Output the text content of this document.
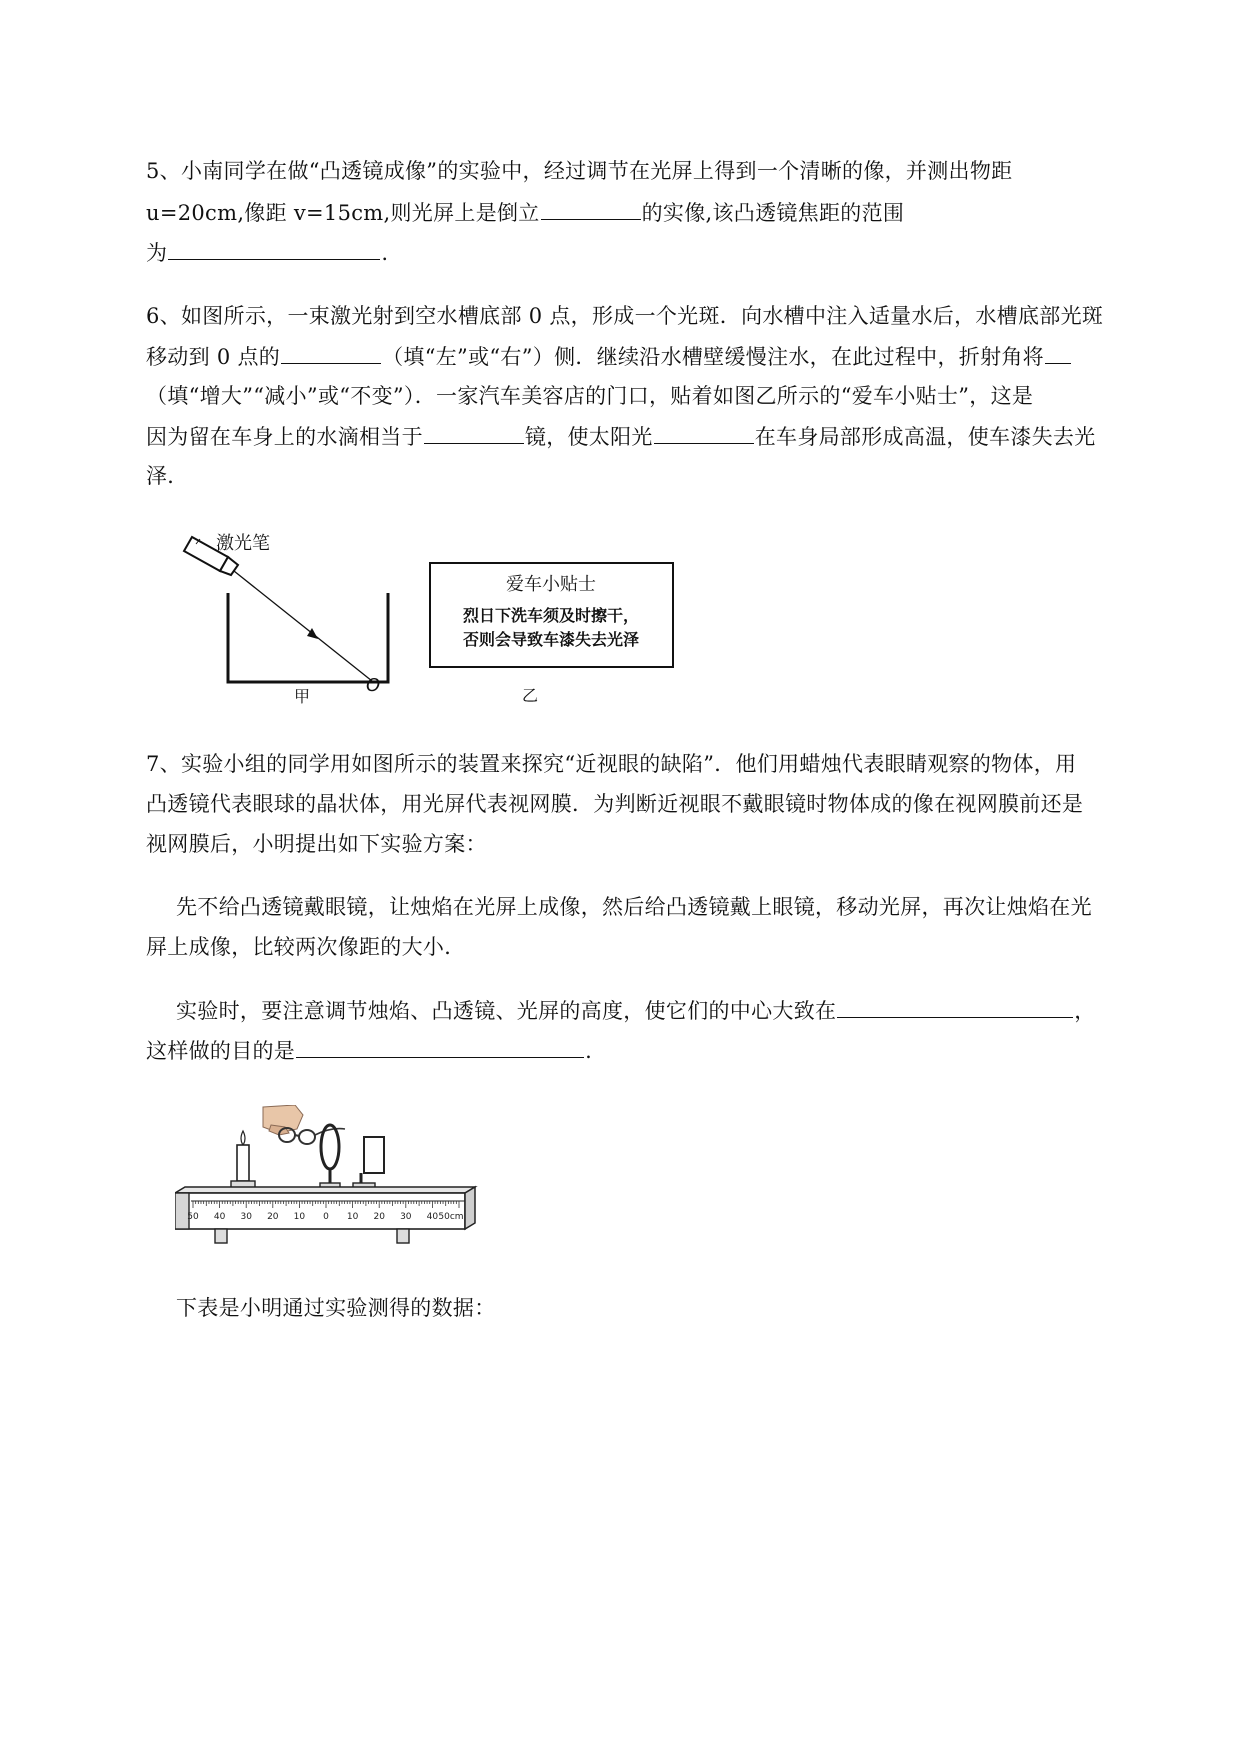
5、小南同学在做“凸透镜成像”的实验中，经过调节在光屏上得到一个清晰的像，并测出物距
u=20cm,像距 v=15cm,则光屏上是倒立	的实像,该凸透镜焦距的范围
为	.
6、如图所示，一束激光射到空水槽底部 0 点，形成一个光斑．向水槽中注入适量水后，水槽底部光斑
移动到 0 点的	（填“左”或“右”）侧．继续沿水槽壁缓慢注水，在此过程中，折射角将
（填“增大”“减小”或“不变”）．一家汽车美容店的门口，贴着如图乙所示的“爱车小贴士”，这是
因为留在车身上的水滴相当于	镜，使太阳光	在车身局部形成高温，使车漆失去光
泽．
激光笔
O
甲
爱车小贴士
烈日下洗车须及时擦干，
否则会导致车漆失去光泽
乙
7、实验小组的同学用如图所示的装置来探究“近视眼的缺陷”．他们用蜡烛代表眼睛观察的物体，用
凸透镜代表眼球的晶状体，用光屏代表视网膜．为判断近视眼不戴眼镜时物体成的像在视网膜前还是
视网膜后，小明提出如下实验方案：
先不给凸透镜戴眼镜，让烛焰在光屏上成像，然后给凸透镜戴上眼镜，移动光屏，再次让烛焰在光
屏上成像，比较两次像距的大小．
实验时，要注意调节烛焰、凸透镜、光屏的高度，使它们的中心大致在	，
这样做的目的是	.
50 40 30 20 10 0 10 20 30 40 50cm
下表是小明通过实验测得的数据：
